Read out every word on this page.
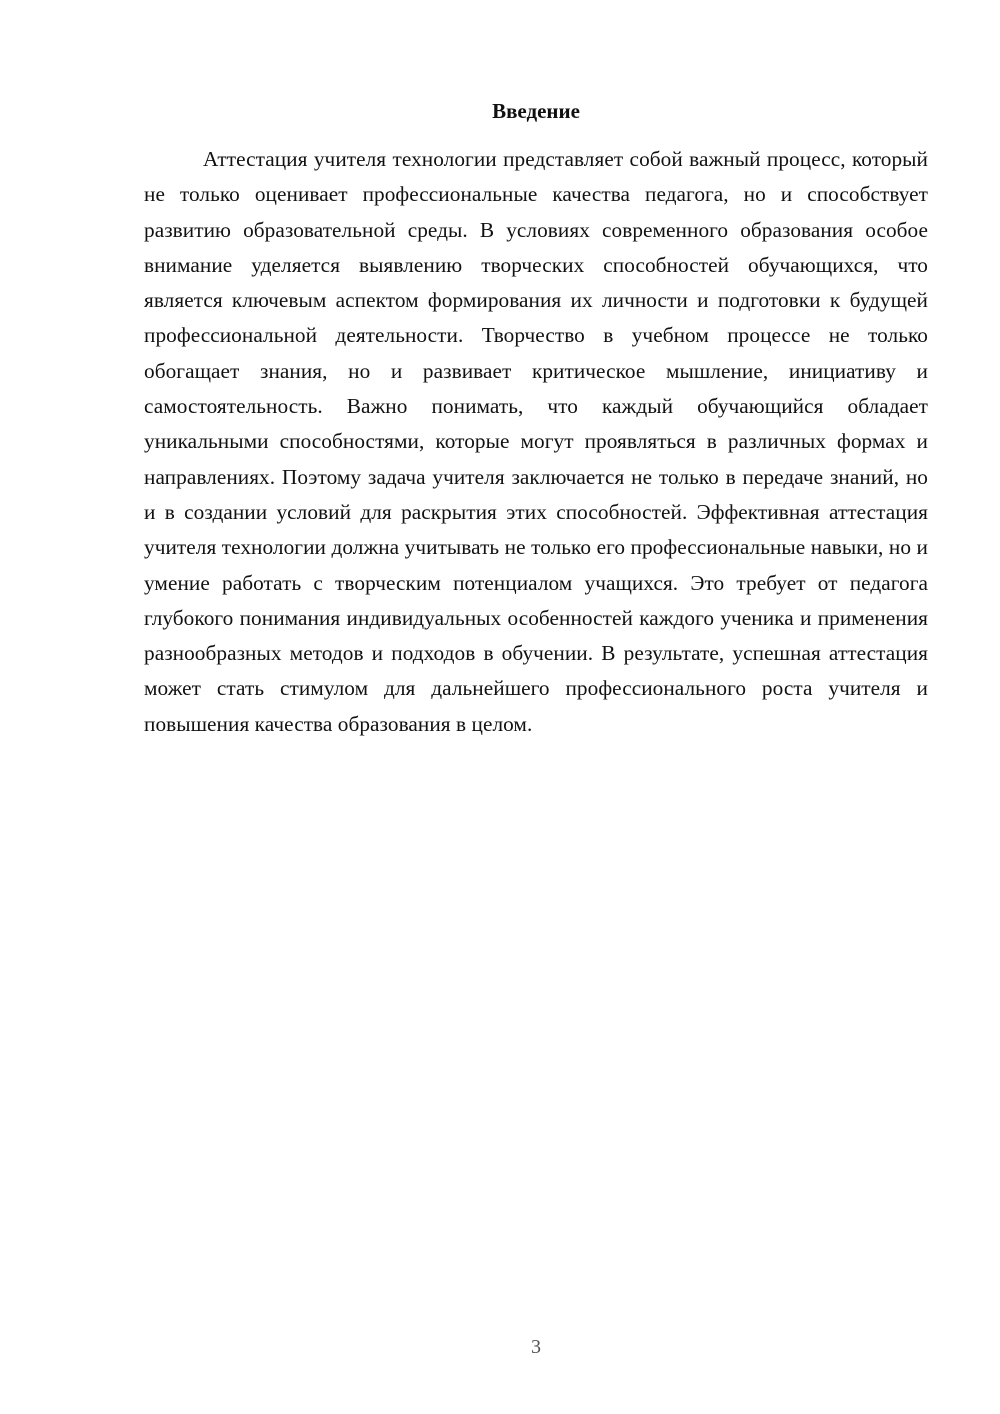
Введение

Аттестация учителя технологии представляет собой важный процесс, который не только оценивает профессиональные качества педагога, но и способствует развитию образовательной среды. В условиях современного образования особое внимание уделяется выявлению творческих способностей обучающихся, что является ключевым аспектом формирования их личности и подготовки к будущей профессиональной деятельности. Творчество в учебном процессе не только обогащает знания, но и развивает критическое мышление, инициативу и самостоятельность. Важно понимать, что каждый обучающийся обладает уникальными способностями, которые могут проявляться в различных формах и направлениях. Поэтому задача учителя заключается не только в передаче знаний, но и в создании условий для раскрытия этих способностей. Эффективная аттестация учителя технологии должна учитывать не только его профессиональные навыки, но и умение работать с творческим потенциалом учащихся. Это требует от педагога глубокого понимания индивидуальных особенностей каждого ученика и применения разнообразных методов и подходов в обучении. В результате, успешная аттестация может стать стимулом для дальнейшего профессионального роста учителя и повышения качества образования в целом.

3
